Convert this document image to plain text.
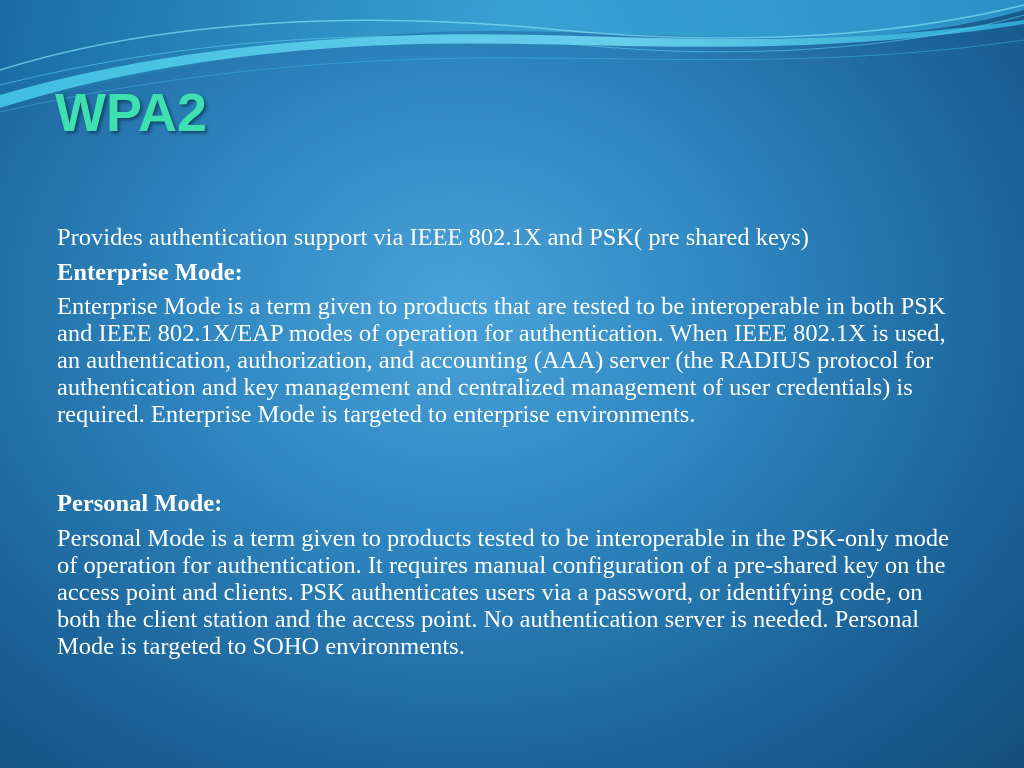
WPA2

Provides authentication support via IEEE 802.1X and PSK( pre shared keys)

Enterprise Mode:

Enterprise Mode is a term given to products that are tested to be interoperable in both PSK and IEEE 802.1X/EAP modes of operation for authentication. When IEEE 802.1X is used, an authentication, authorization, and accounting (AAA) server (the RADIUS protocol for authentication and key management and centralized management of user credentials) is required. Enterprise Mode is targeted to enterprise environments.

Personal Mode:

Personal Mode is a term given to products tested to be interoperable in the PSK-only mode of operation for authentication. It requires manual configuration of a pre-shared key on the access point and clients. PSK authenticates users via a password, or identifying code, on both the client station and the access point. No authentication server is needed. Personal Mode is targeted to SOHO environments.
